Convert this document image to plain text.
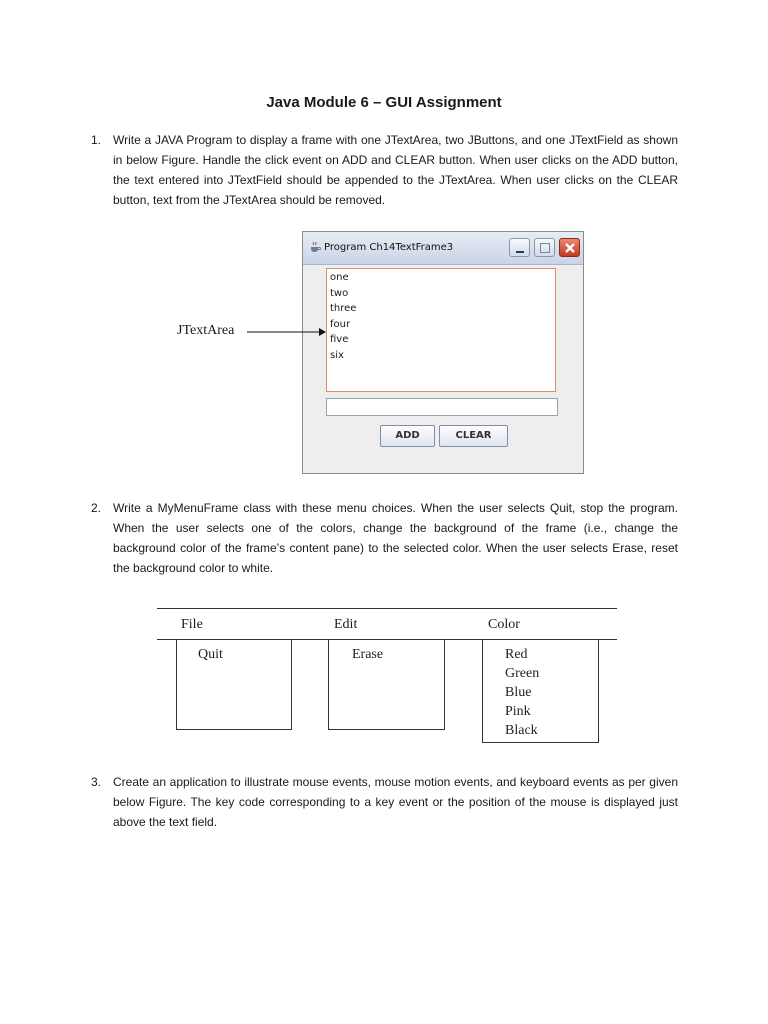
Java Module 6 – GUI Assignment
1. Write a JAVA Program to display a frame with one JTextArea, two JButtons, and one JTextField as shown in below Figure. Handle the click event on ADD and CLEAR button. When user clicks on the ADD button, the text entered into JTextField should be appended to the JTextArea. When user clicks on the CLEAR button, text from the JTextArea should be removed.
Program Ch14TextFrame3
one
two
three
four
five
six
ADD	CLEAR
JTextArea
2. Write a MyMenuFrame class with these menu choices. When the user selects Quit, stop the program. When the user selects one of the colors, change the background of the frame (i.e., change the background color of the frame’s content pane) to the selected color. When the user selects Erase, reset the background color to white.
File	Edit	Color
Quit	Erase	Red
Green
Blue
Pink
Black
3. Create an application to illustrate mouse events, mouse motion events, and keyboard events as per given below Figure. The key code corresponding to a key event or the position of the mouse is displayed just above the text field.
